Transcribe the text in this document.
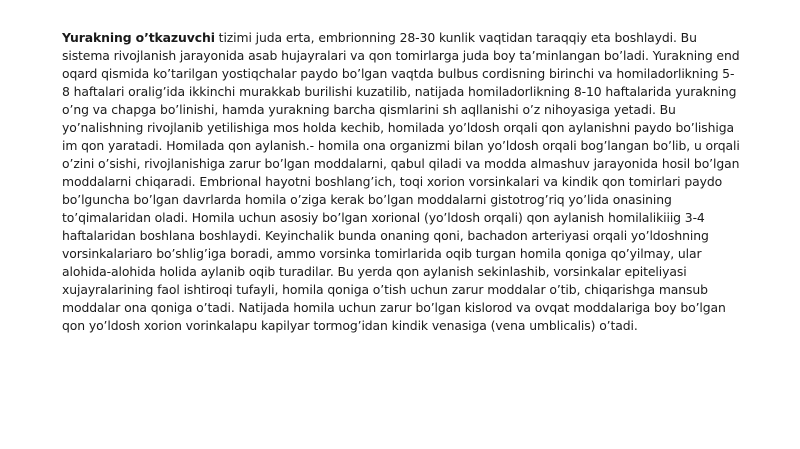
Yurakning o’tkazuvchi tizimi juda erta, embrionning 28-30 kunlik vaqtidan taraqqiy eta boshlaydi. Bu sistema rivojlanish jarayonida asab hujayralari va qon tomirlarga juda boy ta’minlangan bo’ladi. Yurakning end oqard qismida ko’tarilgan yostiqchalar paydo bo’lgan vaqtda bulbus cordisning birinchi va homiladorlikning 5-8 haftalari oralig’ida ikkinchi murakkab burilishi kuzatilib, natijada homiladorlikning 8-10 haftalarida yurakning o’ng va chapga bo’linishi, hamda yurakning barcha qismlarini sh aqllanishi o’z nihoyasiga yetadi. Bu yo’nalishning rivojlanib yetilishiga mos holda kechib, homilada yo’ldosh orqali qon aylanishni paydo bo’lishiga im qon yaratadi. Homilada qon aylanish.- homila ona organizmi bilan yo’ldosh orqali bog’langan bo’lib, u orqali o’zini o’sishi, rivojlanishiga zarur bo’lgan moddalarni, qabul qiladi va modda almashuv jarayonida hosil bo’lgan moddalarni chiqaradi. Embrional hayotni boshlang’ich, toqi xorion vorsinkalari va kindik qon tomirlari paydo bo’lguncha bo’lgan davrlarda homila o’ziga kerak bo’lgan moddalarni gistotrog’riq yo’lida onasining to’qimalaridan oladi. Homila uchun asosiy bo’lgan xorional (yo’ldosh orqali) qon aylanish homilalikiiig 3-4 haftalaridan boshlana boshlaydi. Keyinchalik bunda onaning qoni, bachadon arteriyasi orqali yo’ldoshning vorsinkalariaro bo’shlig’iga boradi, ammo vorsinka tomirlarida oqib turgan homila qoniga qo’yilmay, ular alohida-alohida holida aylanib oqib turadilar. Bu yerda qon aylanish sekinlashib, vorsinkalar epiteliyasi xujayralarining faol ishtiroqi tufayli, homila qoniga o’tish uchun zarur moddalar o’tib, chiqarishga mansub moddalar ona qoniga o’tadi. Natijada homila uchun zarur bo’lgan kislorod va ovqat moddalariga boy bo’lgan qon yo’ldosh xorion vorinkalapu kapilyar tormog’idan kindik venasiga (vena umblicalis) o’tadi.
